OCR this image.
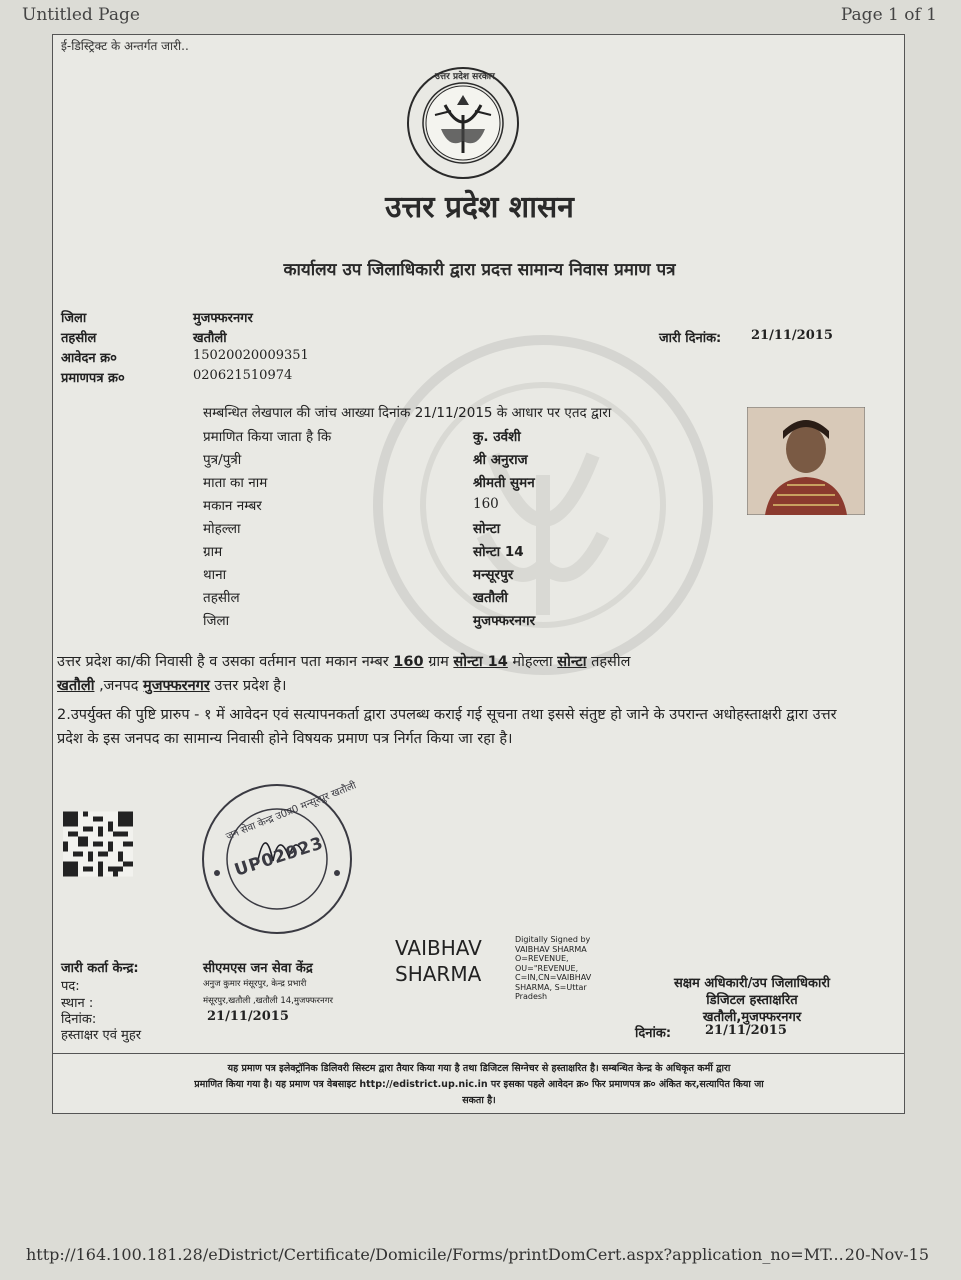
Untitled Page	Page 1 of 1
ई-डिस्ट्रिक्ट के अन्तर्गत जारी..
उत्तर प्रदेश सरकार
उत्तर प्रदेश शासन
कार्यालय उप जिलाधिकारी द्वारा प्रदत्त सामान्य निवास प्रमाण पत्र
जिला	मुजफ्फरनगर
तहसील	खतौली
आवेदन क्र०	15020020009351
प्रमाणपत्र क्र०	020621510974
जारी दिनांक: 21/11/2015
सम्बन्धित लेखपाल की जांच आख्या दिनांक 21/11/2015 के आधार पर एतद द्वारा
प्रमाणित किया जाता है कि	कु. उर्वशी
पुत्र/पुत्री	श्री अनुराज
माता का नाम	श्रीमती सुमन
मकान नम्बर	160
मोहल्ला	सोन्टा
ग्राम	सोन्टा 14
थाना	मन्सूरपुर
तहसील	खतौली
जिला	मुजफ्फरनगर
उत्तर प्रदेश का/की निवासी है व उसका वर्तमान पता मकान नम्बर 160 ग्राम सोन्टा 14 मोहल्ला सोन्टा तहसील
खतौली ,जनपद मुजफ्फरनगर उत्तर प्रदेश है।
2.उपर्युक्त की पुष्टि प्रारुप - १ में आवेदन एवं सत्यापनकर्ता द्वारा उपलब्ध कराई गई सूचना तथा इससे संतुष्ट हो जाने के उपरान्त अधोहस्ताक्षरी द्वारा उत्तर प्रदेश के इस जनपद का सामान्य निवासी होने विषयक प्रमाण पत्र निर्गत किया जा रहा है।
जन सेवा केन्द्र उ0प्र0 मन्सूरपुर खतौली
UP02923
जारी कर्ता केन्द्र:	सीएमएस जन सेवा केंद्र
पद:	अनुज कुमार मंसूरपुर, केन्द्र प्रभारी
स्थान :	मंसूरपुर,खतौली ,खतौली 14,मुजफ्फरनगर
दिनांक:	21/11/2015
हस्ताक्षर एवं मुहर
VAIBHAV
SHARMA
Digitally Signed by
VAIBHAV SHARMA
O=REVENUE,
OU="REVENUE,
C=IN,CN=VAIBHAV
SHARMA, S=Uttar
Pradesh
सक्षम अधिकारी/उप जिलाधिकारी
डिजिटल हस्ताक्षरित
खतौली,मुजफ्फरनगर
दिनांक:	21/11/2015
यह प्रमाण पत्र इलेक्ट्रॉनिक डिलिवरी सिस्टम द्वारा तैयार किया गया है तथा डिजिटल सिग्नेचर से हस्ताक्षरित है। सम्बन्धित केन्द्र के अधिकृत कर्मी द्वारा
प्रमाणित किया गया है। यह प्रमाण पत्र वेबसाइट http://edistrict.up.nic.in पर इसका पहले आवेदन क्र० फिर प्रमाणपत्र क्र० अंकित कर,सत्यापित किया जा
सकता है।
http://164.100.181.28/eDistrict/Certificate/Domicile/Forms/printDomCert.aspx?application_no=MT... 20-Nov-15
